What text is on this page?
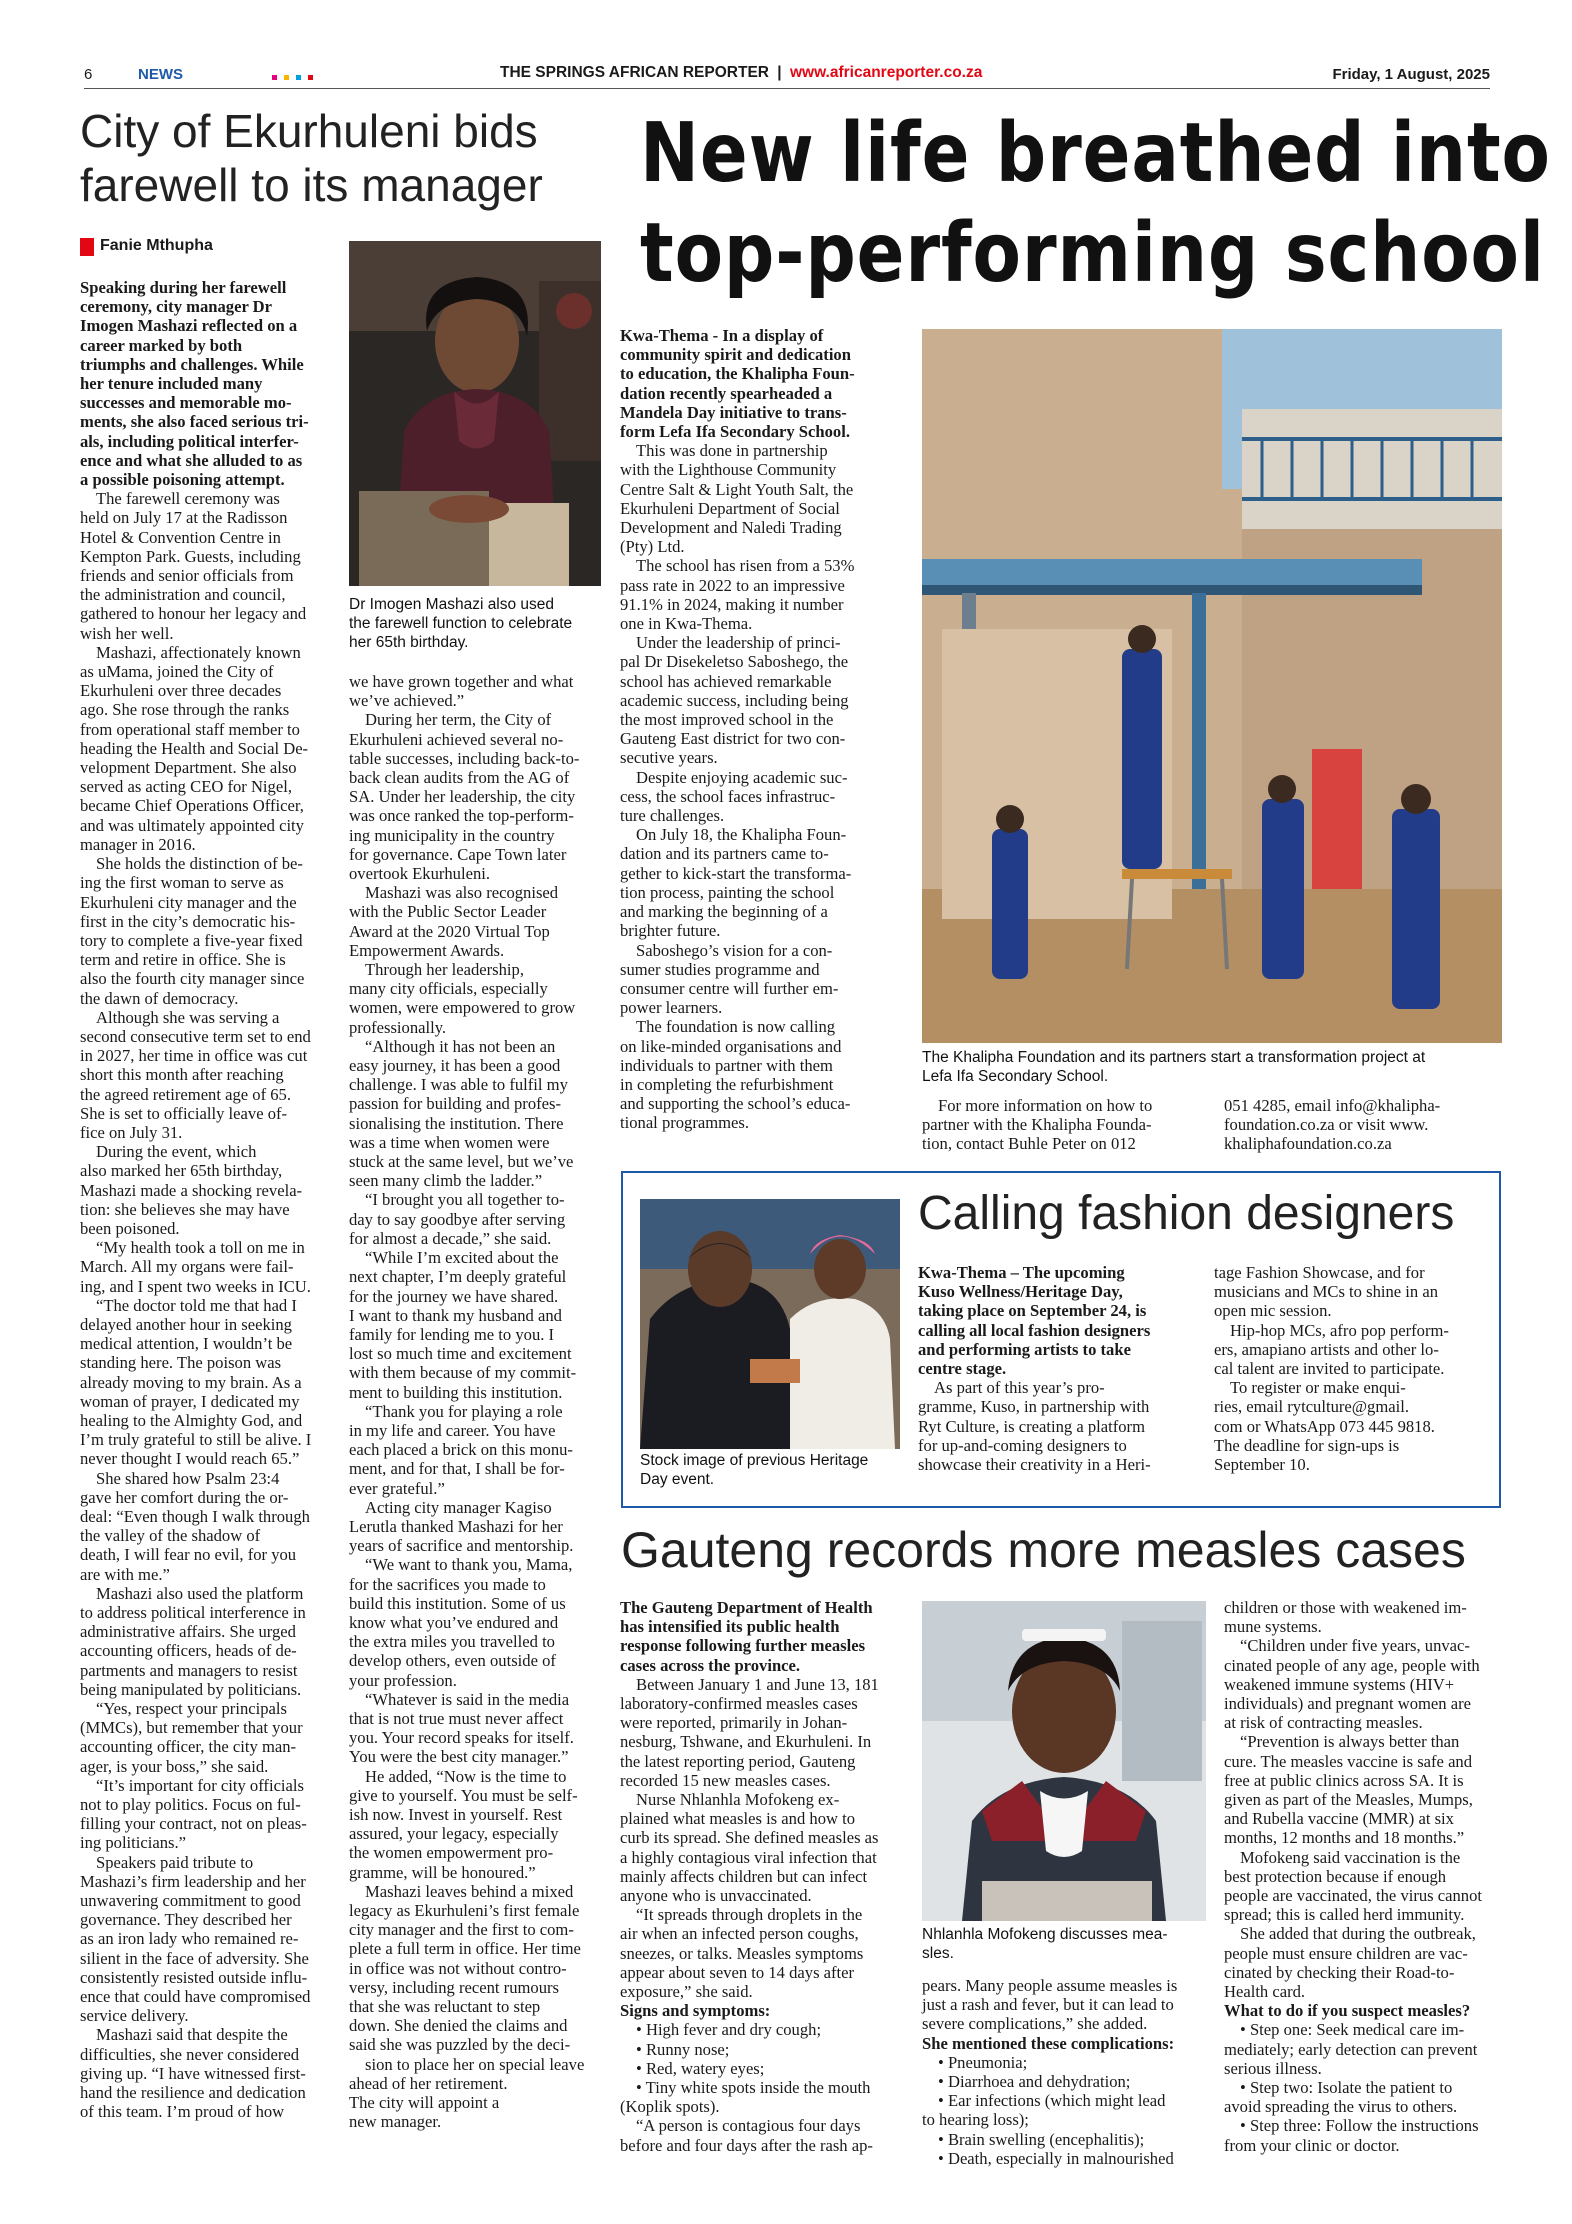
6	NEWS	THE SPRINGS AFRICAN REPORTER | www.africanreporter.co.za	Friday, 1 August, 2025
City of Ekurhuleni bids
farewell to its manager
Fanie Mthupha

Speaking during her farewell

ceremony, city manager Dr

Imogen Mashazi reflected on a

career marked by both

triumphs and challenges. While

her tenure included many

successes and memorable mo-

ments, she also faced serious tri-

als, including political interfer-

ence and what she alluded to as

a possible poisoning attempt.

The farewell ceremony was

held on July 17 at the Radisson

Hotel & Convention Centre in

Kempton Park. Guests, including

friends and senior officials from

the administration and council,

gathered to honour her legacy and

wish her well.

Mashazi, affectionately known

as uMama, joined the City of

Ekurhuleni over three decades

ago. She rose through the ranks

from operational staff member to

heading the Health and Social De-

velopment Department. She also

served as acting CEO for Nigel,

became Chief Operations Officer,

and was ultimately appointed city

manager in 2016.

She holds the distinction of be-

ing the first woman to serve as

Ekurhuleni city manager and the

first in the city’s democratic his-

tory to complete a five-year fixed

term and retire in office. She is

also the fourth city manager since

the dawn of democracy.

Although she was serving a

second consecutive term set to end

in 2027, her time in office was cut

short this month after reaching

the agreed retirement age of 65.

She is set to officially leave of-

fice on July 31.

During the event, which

also marked her 65th birthday,

Mashazi made a shocking revela-

tion: she believes she may have

been poisoned.

“My health took a toll on me in

March. All my organs were fail-

ing, and I spent two weeks in ICU.

“The doctor told me that had I

delayed another hour in seeking

medical attention, I wouldn’t be

standing here. The poison was

already moving to my brain. As a

woman of prayer, I dedicated my

healing to the Almighty God, and

I’m truly grateful to still be alive. I

never thought I would reach 65.”

She shared how Psalm 23:4

gave her comfort during the or-

deal: “Even though I walk through

the valley of the shadow of

death, I will fear no evil, for you

are with me.”

Mashazi also used the platform

to address political interference in

administrative affairs. She urged

accounting officers, heads of de-

partments and managers to resist

being manipulated by politicians.

“Yes, respect your principals

(MMCs), but remember that your

accounting officer, the city man-

ager, is your boss,” she said.

“It’s important for city officials

not to play politics. Focus on ful-

filling your contract, not on pleas-

ing politicians.”

Speakers paid tribute to

Mashazi’s firm leadership and her

unwavering commitment to good

governance. They described her

as an iron lady who remained re-

silient in the face of adversity. She

consistently resisted outside influ-

ence that could have compromised

service delivery.

Mashazi said that despite the

difficulties, she never considered

giving up. “I have witnessed first-

hand the resilience and dedication

of this team. I’m proud of how

Dr Imogen Mashazi also used
the farewell function to celebrate
her 65th birthday.

we have grown together and what

we’ve achieved.”

During her term, the City of

Ekurhuleni achieved several no-

table successes, including back-to-

back clean audits from the AG of

SA. Under her leadership, the city

was once ranked the top-perform-

ing municipality in the country

for governance. Cape Town later

overtook Ekurhuleni.

Mashazi was also recognised

with the Public Sector Leader

Award at the 2020 Virtual Top

Empowerment Awards.

Through her leadership,

many city officials, especially

women, were empowered to grow

professionally.

“Although it has not been an

easy journey, it has been a good

challenge. I was able to fulfil my

passion for building and profes-

sionalising the institution. There

was a time when women were

stuck at the same level, but we’ve

seen many climb the ladder.”

“I brought you all together to-

day to say goodbye after serving

for almost a decade,” she said.

“While I’m excited about the

next chapter, I’m deeply grateful

for the journey we have shared.

I want to thank my husband and

family for lending me to you. I

lost so much time and excitement

with them because of my commit-

ment to building this institution.

“Thank you for playing a role

in my life and career. You have

each placed a brick on this monu-

ment, and for that, I shall be for-

ever grateful.”

Acting city manager Kagiso

Lerutla thanked Mashazi for her

years of sacrifice and mentorship.

“We want to thank you, Mama,

for the sacrifices you made to

build this institution. Some of us

know what you’ve endured and

the extra miles you travelled to

develop others, even outside of

your profession.

“Whatever is said in the media

that is not true must never affect

you. Your record speaks for itself.

You were the best city manager.”

He added, “Now is the time to

give to yourself. You must be self-

ish now. Invest in yourself. Rest

assured, your legacy, especially

the women empowerment pro-

gramme, will be honoured.”

Mashazi leaves behind a mixed

legacy as Ekurhuleni’s first female

city manager and the first to com-

plete a full term in office. Her time

in office was not without contro-

versy, including recent rumours

that she was reluctant to step

down. She denied the claims and

said she was puzzled by the deci-

sion to place her on special leave

ahead of her retirement.

The city will appoint a

new manager.

New life breathed into
top-performing school

Kwa-Thema - In a display of

community spirit and dedication

to education, the Khalipha Foun-

dation recently spearheaded a

Mandela Day initiative to trans-

form Lefa Ifa Secondary School.

This was done in partnership

with the Lighthouse Community

Centre Salt & Light Youth Salt, the

Ekurhuleni Department of Social

Development and Naledi Trading

(Pty) Ltd.

The school has risen from a 53%

pass rate in 2022 to an impressive

91.1% in 2024, making it number

one in Kwa-Thema.

Under the leadership of princi-

pal Dr Disekeletso Saboshego, the

school has achieved remarkable

academic success, including being

the most improved school in the

Gauteng East district for two con-

secutive years.

Despite enjoying academic suc-

cess, the school faces infrastruc-

ture challenges.

On July 18, the Khalipha Foun-

dation and its partners came to-

gether to kick-start the transforma-

tion process, painting the school

and marking the beginning of a

brighter future.

Saboshego’s vision for a con-

sumer studies programme and

consumer centre will further em-

power learners.

The foundation is now calling

on like-minded organisations and

individuals to partner with them

in completing the refurbishment

and supporting the school’s educa-

tional programmes.

The Khalipha Foundation and its partners start a transformation project at
Lefa Ifa Secondary School.

For more information on how to

partner with the Khalipha Founda-

tion, contact Buhle Peter on 012

051 4285, email info@khalipha-

foundation.co.za or visit www.

khaliphafoundation.co.za

Stock image of previous Heritage
Day event.
Calling fashion designers

Kwa-Thema – The upcoming

Kuso Wellness/Heritage Day,

taking place on September 24, is

calling all local fashion designers

and performing artists to take

centre stage.

As part of this year’s pro-

gramme, Kuso, in partnership with

Ryt Culture, is creating a platform

for up-and-coming designers to

showcase their creativity in a Heri-

tage Fashion Showcase, and for

musicians and MCs to shine in an

open mic session.

Hip-hop MCs, afro pop perform-

ers, amapiano artists and other lo-

cal talent are invited to participate.

To register or make enqui-

ries, email rytculture@gmail.

com or WhatsApp 073 445 9818.

The deadline for sign-ups is

September 10.

Gauteng records more measles cases

The Gauteng Department of Health

has intensified its public health

response following further measles

cases across the province.

Between January 1 and June 13, 181

laboratory-confirmed measles cases

were reported, primarily in Johan-

nesburg, Tshwane, and Ekurhuleni. In

the latest reporting period, Gauteng

recorded 15 new measles cases.

Nurse Nhlanhla Mofokeng ex-

plained what measles is and how to

curb its spread. She defined measles as

a highly contagious viral infection that

mainly affects children but can infect

anyone who is unvaccinated.

“It spreads through droplets in the

air when an infected person coughs,

sneezes, or talks. Measles symptoms

appear about seven to 14 days after

exposure,” she said.

Signs and symptoms:

• High fever and dry cough;

• Runny nose;

• Red, watery eyes;

• Tiny white spots inside the mouth

(Koplik spots).

“A person is contagious four days

before and four days after the rash ap-

Nhlanhla Mofokeng discusses mea-
sles.

pears. Many people assume measles is

just a rash and fever, but it can lead to

severe complications,” she added.

She mentioned these complications:

• Pneumonia;

• Diarrhoea and dehydration;

• Ear infections (which might lead

to hearing loss);

• Brain swelling (encephalitis);

• Death, especially in malnourished

children or those with weakened im-

mune systems.

“Children under five years, unvac-

cinated people of any age, people with

weakened immune systems (HIV+

individuals) and pregnant women are

at risk of contracting measles.

“Prevention is always better than

cure. The measles vaccine is safe and

free at public clinics across SA. It is

given as part of the Measles, Mumps,

and Rubella vaccine (MMR) at six

months, 12 months and 18 months.”

Mofokeng said vaccination is the

best protection because if enough

people are vaccinated, the virus cannot

spread; this is called herd immunity.

She added that during the outbreak,

people must ensure children are vac-

cinated by checking their Road-to-

Health card.

What to do if you suspect measles?

• Step one: Seek medical care im-

mediately; early detection can prevent

serious illness.

• Step two: Isolate the patient to

avoid spreading the virus to others.

• Step three: Follow the instructions

from your clinic or doctor.
